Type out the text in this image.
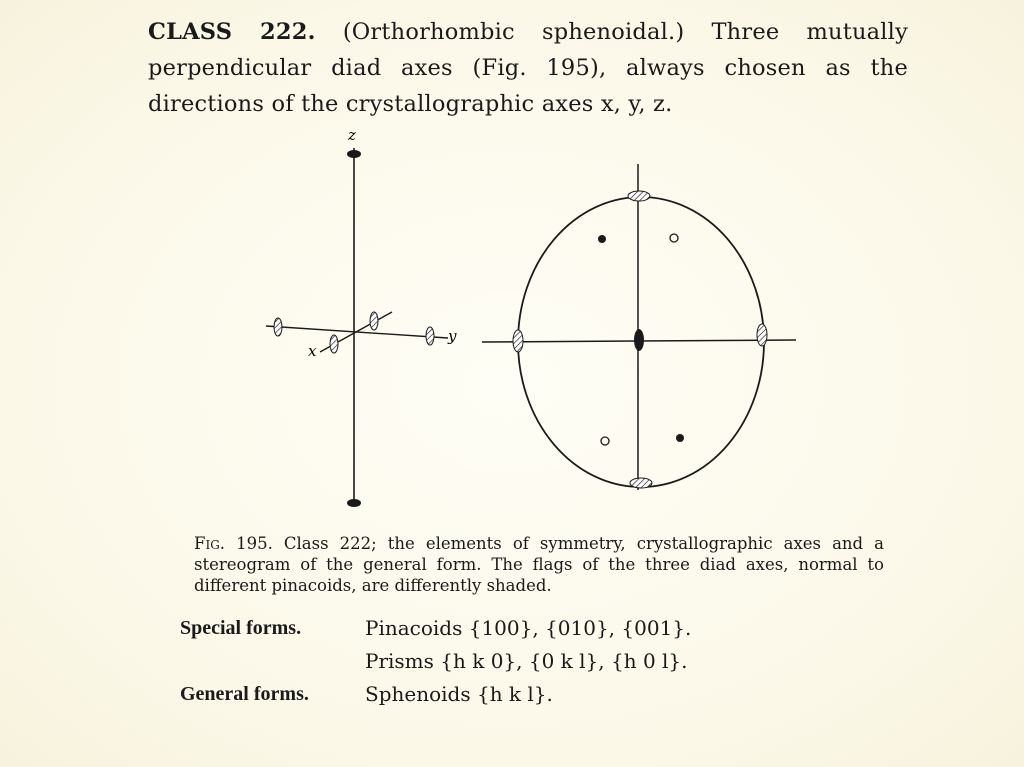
CLASS 222. (Orthorhombic sphenoidal.) Three mutually perpendicular diad axes (Fig. 195), always chosen as the directions of the crystallographic axes x, y, z.
z
x
y
Fig. 195. Class 222; the elements of symmetry, crystallographic axes and a stereogram of the general form. The flags of the three diad axes, normal to different pinacoids, are differently shaded.
Special forms.	Pinacoids {100}, {010}, {001}.
Prisms {h k 0}, {0 k l}, {h 0 l}.
General forms.	Sphenoids {h k l}.
